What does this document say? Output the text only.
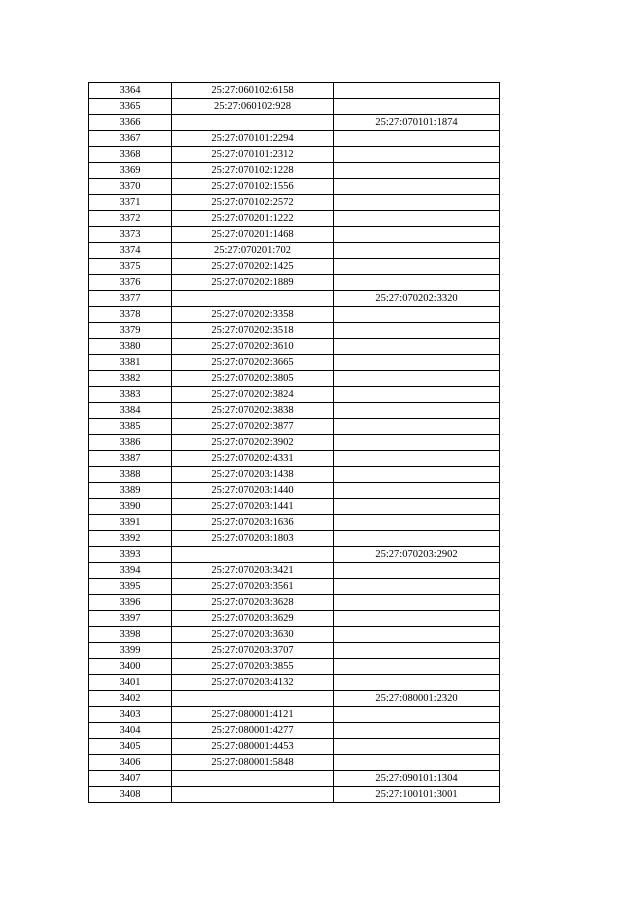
3364	25:27:060102:6158	
3365	25:27:060102:928	
3366		25:27:070101:1874
3367	25:27:070101:2294	
3368	25:27:070101:2312	
3369	25:27:070102:1228	
3370	25:27:070102:1556	
3371	25:27:070102:2572	
3372	25:27:070201:1222	
3373	25:27:070201:1468	
3374	25:27:070201:702	
3375	25:27:070202:1425	
3376	25:27:070202:1889	
3377		25:27:070202:3320
3378	25:27:070202:3358	
3379	25:27:070202:3518	
3380	25:27:070202:3610	
3381	25:27:070202:3665	
3382	25:27:070202:3805	
3383	25:27:070202:3824	
3384	25:27:070202:3838	
3385	25:27:070202:3877	
3386	25:27:070202:3902	
3387	25:27:070202:4331	
3388	25:27:070203:1438	
3389	25:27:070203:1440	
3390	25:27:070203:1441	
3391	25:27:070203:1636	
3392	25:27:070203:1803	
3393		25:27:070203:2902
3394	25:27:070203:3421	
3395	25:27:070203:3561	
3396	25:27:070203:3628	
3397	25:27:070203:3629	
3398	25:27:070203:3630	
3399	25:27:070203:3707	
3400	25:27:070203:3855	
3401	25:27:070203:4132	
3402		25:27:080001:2320
3403	25:27:080001:4121	
3404	25:27:080001:4277	
3405	25:27:080001:4453	
3406	25:27:080001:5848	
3407		25:27:090101:1304
3408		25:27:100101:3001
